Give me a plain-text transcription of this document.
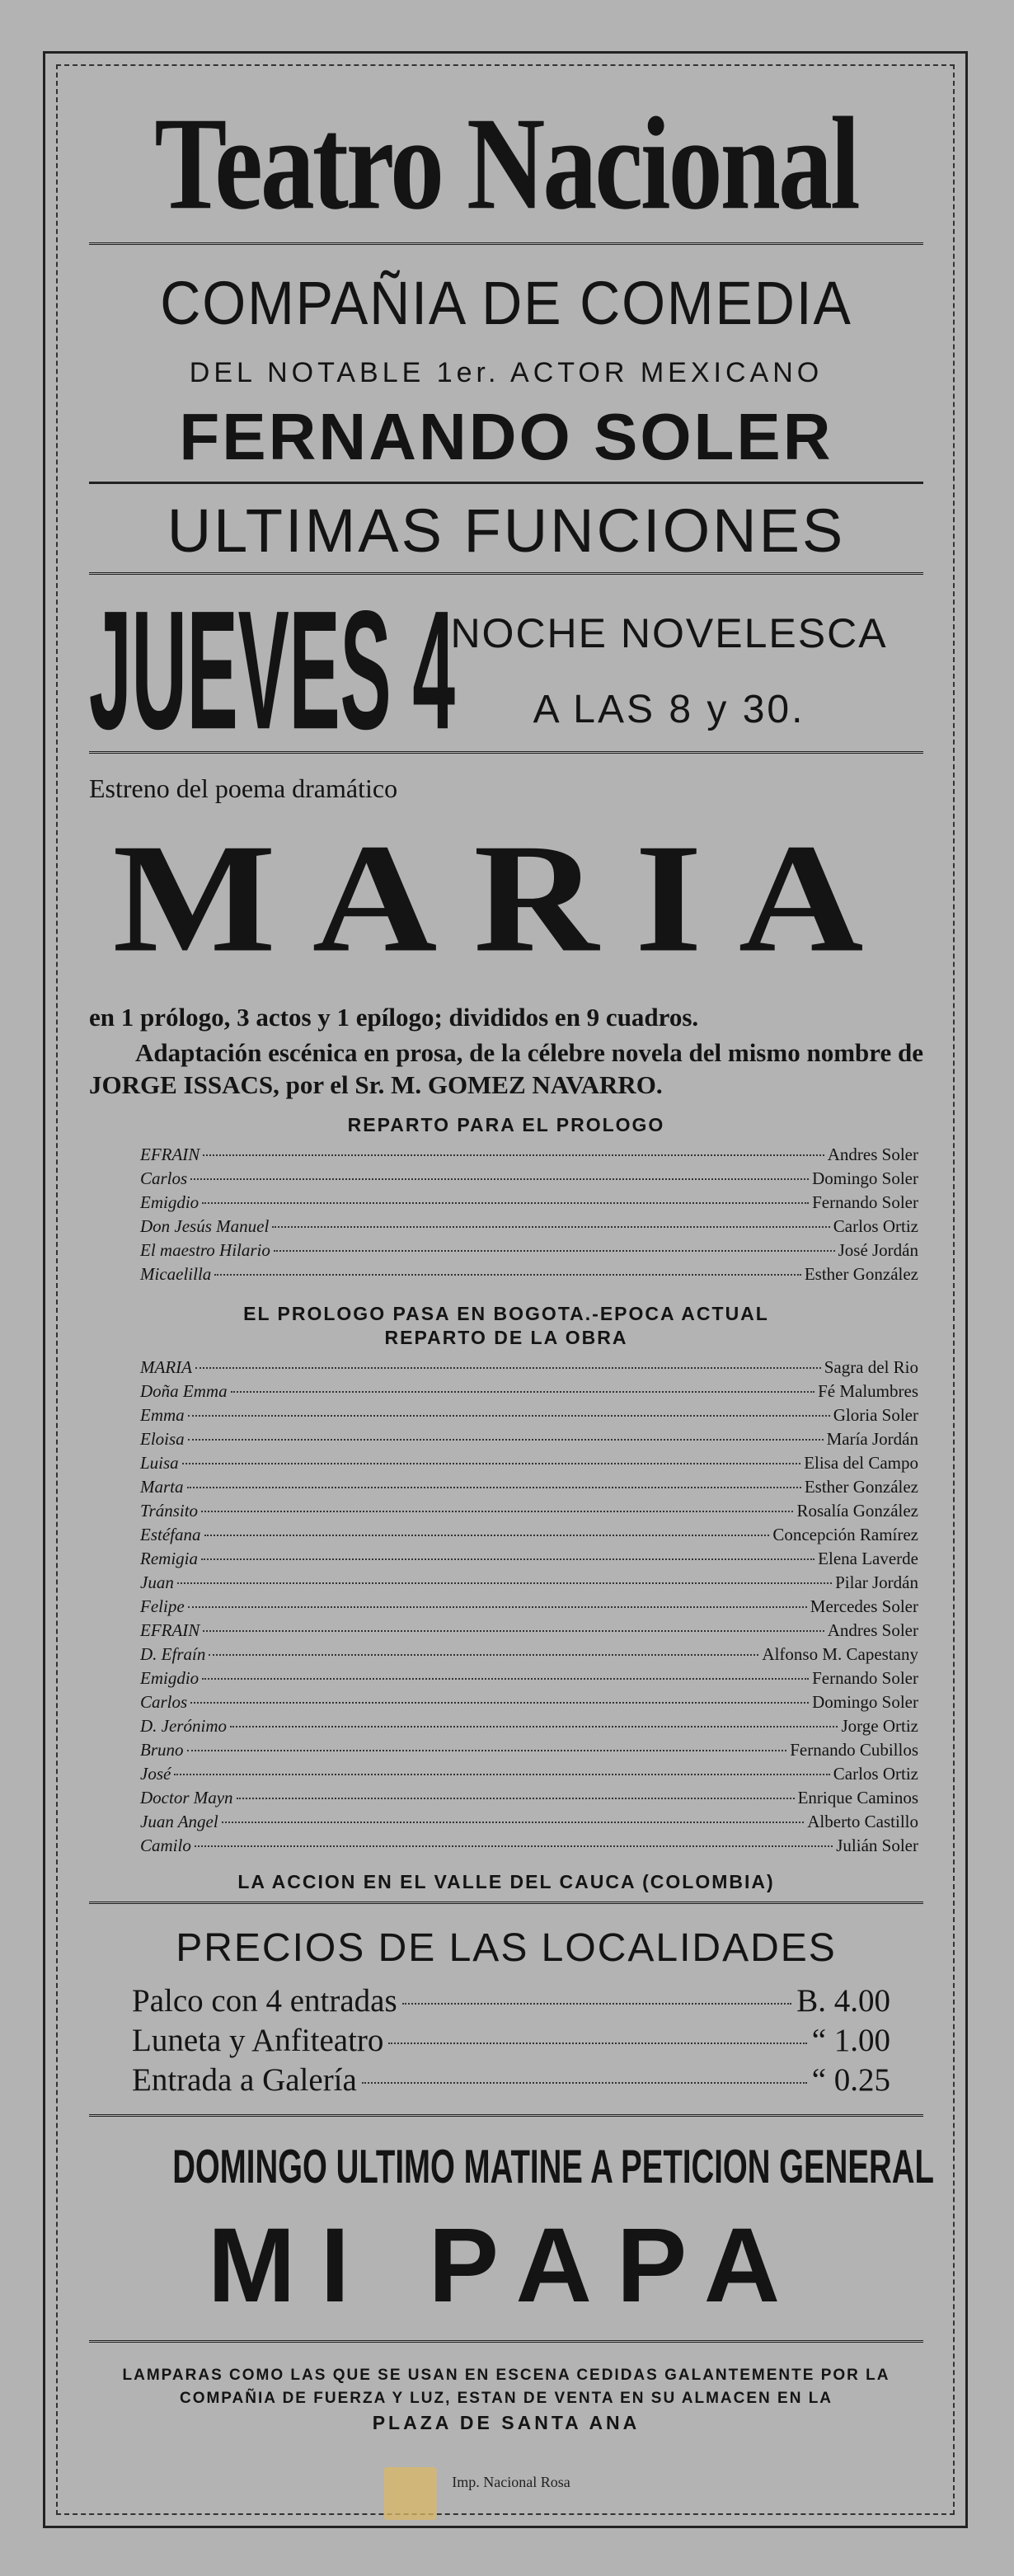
Teatro Nacional
COMPAÑIA DE COMEDIA
DEL NOTABLE 1er. ACTOR MEXICANO
FERNANDO SOLER
ULTIMAS FUNCIONES
JUEVES 4
NOCHE NOVELESCA
A LAS 8 y 30.
Estreno del poema dramático
MARIA
en 1 prólogo, 3 actos y 1 epílogo; divididos en 9 cuadros.
Adaptación escénica en prosa, de la célebre novela del mismo nombre de JORGE ISSACS, por el Sr. M. GOMEZ NAVARRO.
REPARTO PARA EL PROLOGO
EFRAIN	Andres Soler
Carlos	Domingo Soler
Emigdio	Fernando Soler
Don Jesús Manuel	Carlos Ortiz
El maestro Hilario	José Jordán
Micaelilla	Esther González
EL PROLOGO PASA EN BOGOTA.-EPOCA ACTUAL
REPARTO DE LA OBRA
MARIA	Sagra del Rio
Doña Emma	Fé Malumbres
Emma	Gloria Soler
Eloisa	María Jordán
Luisa	Elisa del Campo
Marta	Esther González
Tránsito	Rosalía González
Estéfana	Concepción Ramírez
Remigia	Elena Laverde
Juan	Pilar Jordán
Felipe	Mercedes Soler
EFRAIN	Andres Soler
D. Efraín	Alfonso M. Capestany
Emigdio	Fernando Soler
Carlos	Domingo Soler
D. Jerónimo	Jorge Ortiz
Bruno	Fernando Cubillos
José	Carlos Ortiz
Doctor Mayn	Enrique Caminos
Juan Angel	Alberto Castillo
Camilo	Julián Soler
LA ACCION EN EL VALLE DEL CAUCA (COLOMBIA)
PRECIOS DE LAS LOCALIDADES
Palco con 4 entradas	B. 4.00
Luneta y Anfiteatro	“ 1.00
Entrada a Galería	“ 0.25
DOMINGO ULTIMO MATINE A PETICION GENERAL
MI PAPA
LAMPARAS COMO LAS QUE SE USAN EN ESCENA CEDIDAS GALANTEMENTE POR LA COMPAÑIA DE FUERZA Y LUZ, ESTAN DE VENTA EN SU ALMACEN EN LA
PLAZA DE SANTA ANA
Imp. Nacional Rosa
